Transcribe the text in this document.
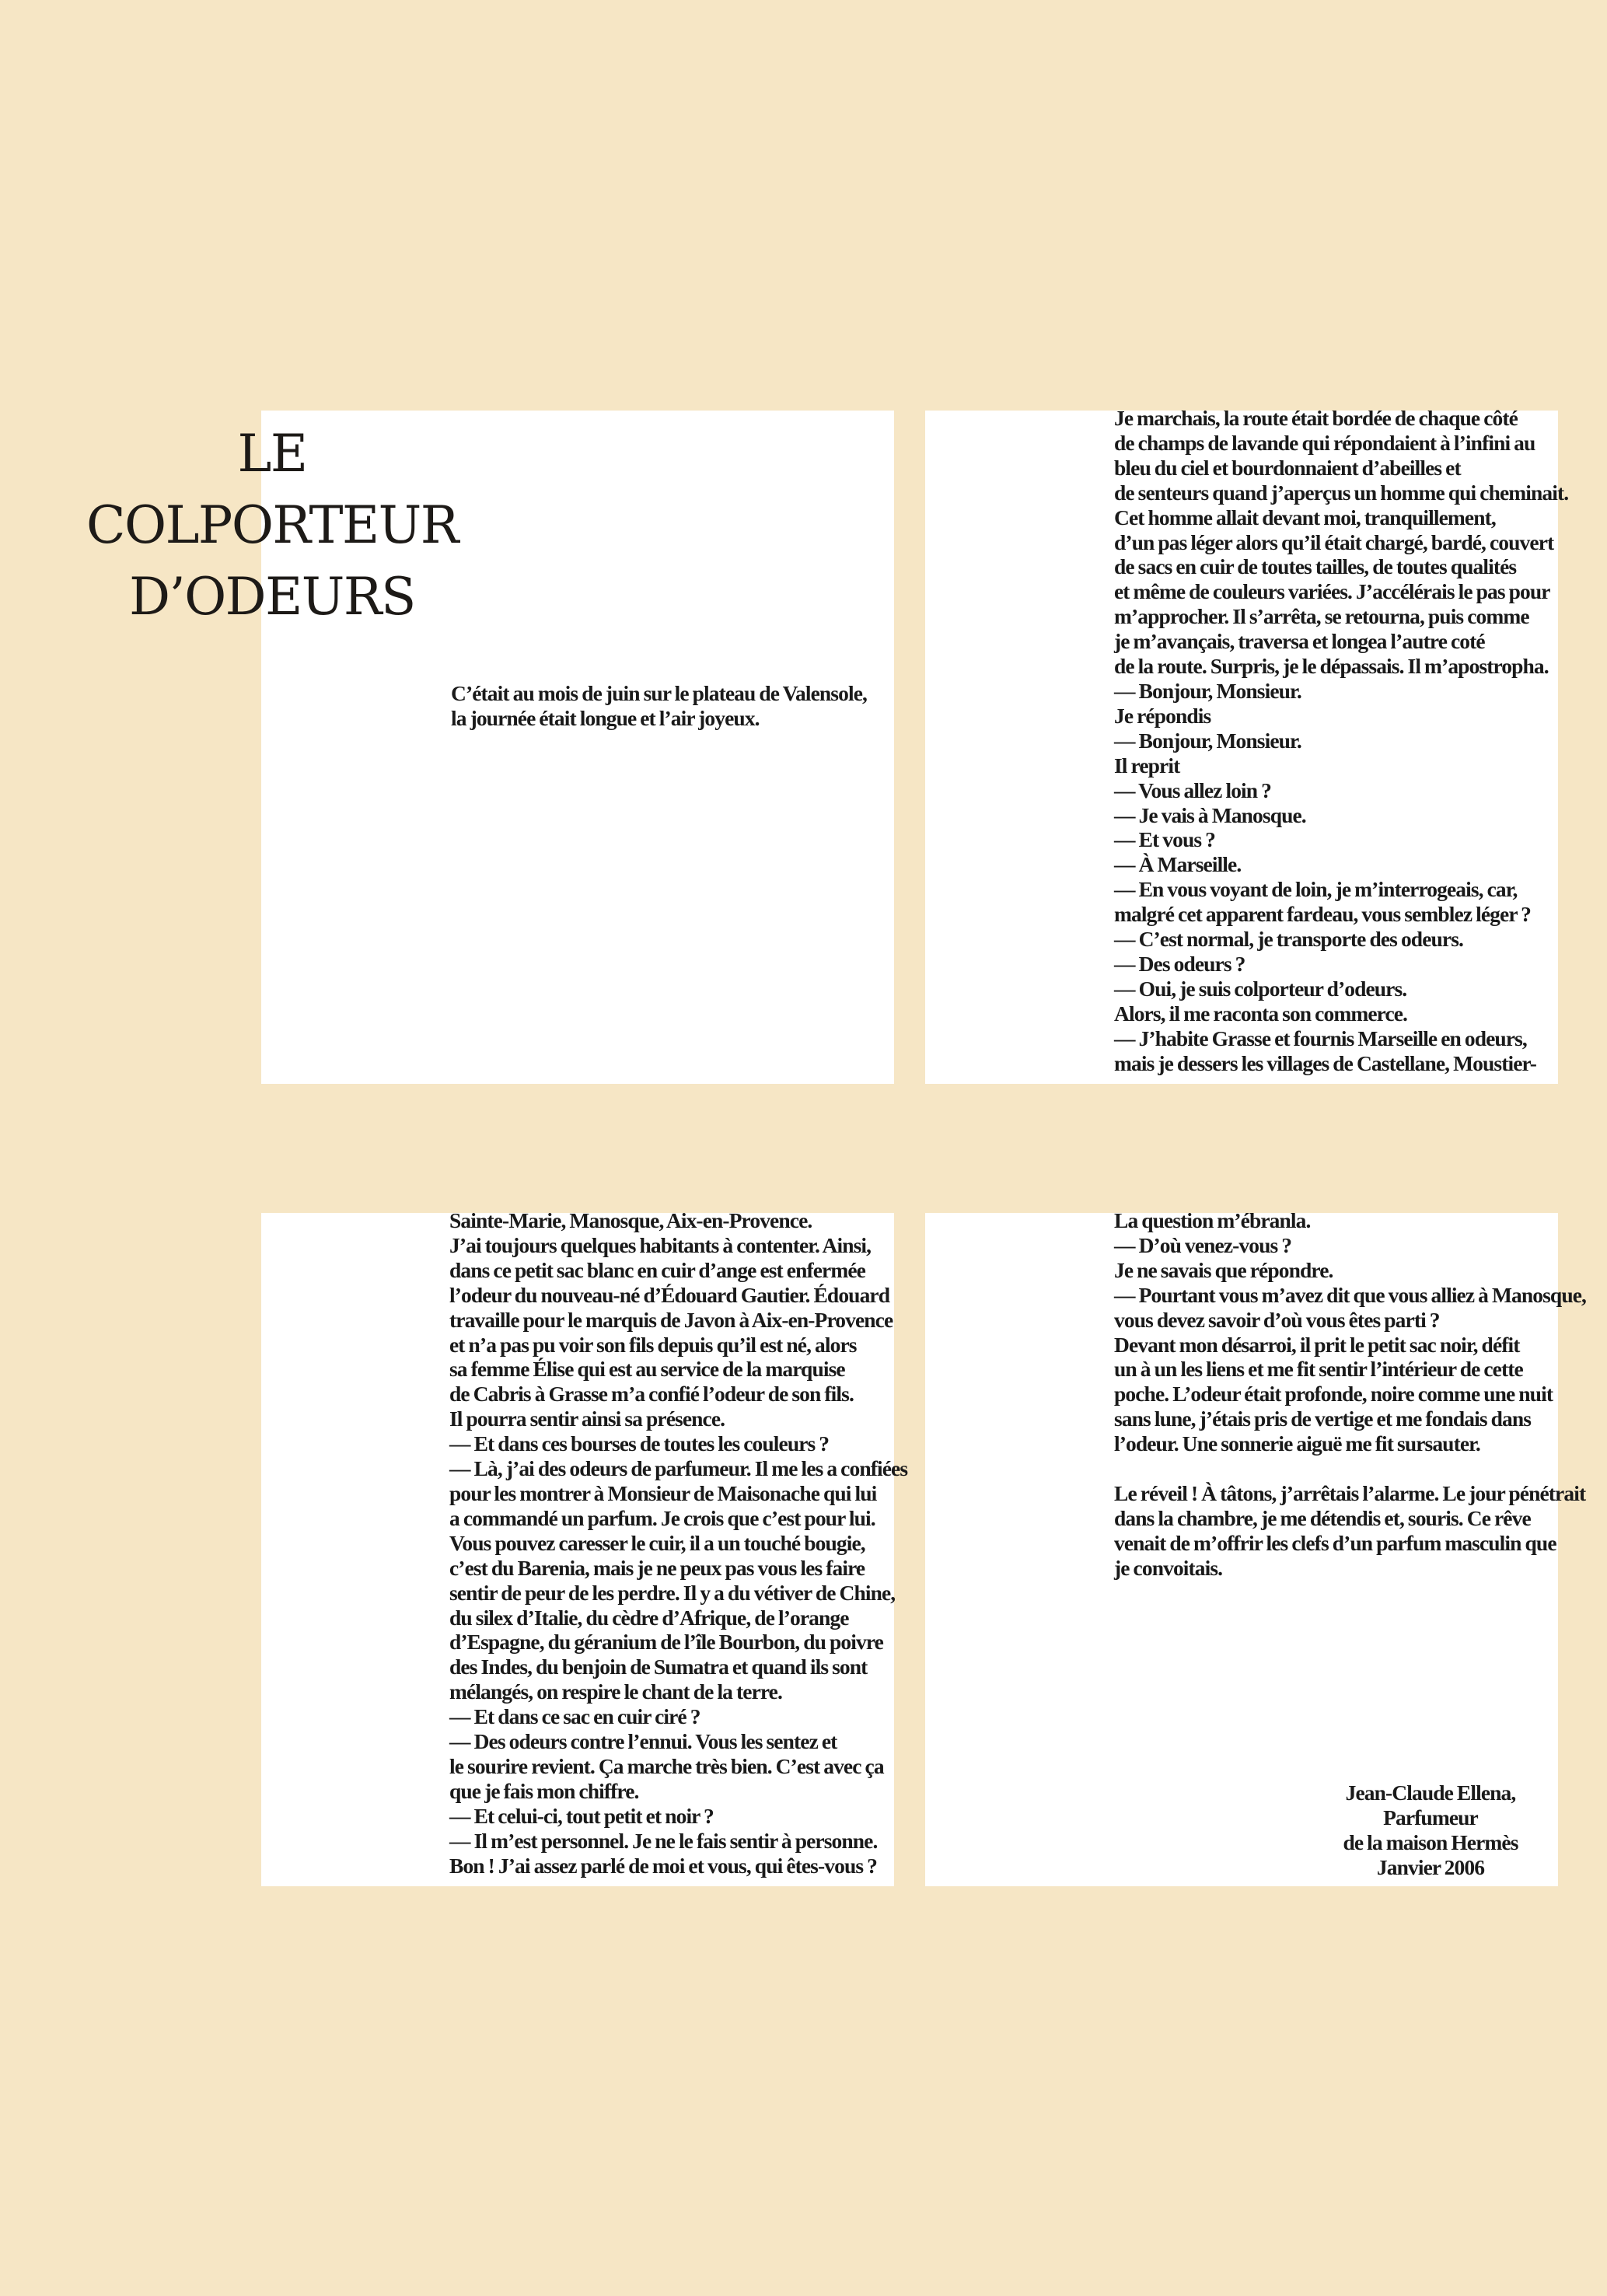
LE
COLPORTEUR
D’ODEURS
C’était au mois de juin sur le plateau de Valensole,
la journée était longue et l’air joyeux.
Je marchais, la route était bordée de chaque côté
de champs de lavande qui répondaient à l’infini au
bleu du ciel et bourdonnaient d’abeilles et
de senteurs quand j’aperçus un homme qui cheminait.
Cet homme allait devant moi, tranquillement,
d’un pas léger alors qu’il était chargé, bardé, couvert
de sacs en cuir de toutes tailles, de toutes qualités
et même de couleurs variées. J’accélérais le pas pour
m’approcher. Il s’arrêta, se retourna, puis comme
je m’avançais, traversa et longea l’autre coté
de la route. Surpris, je le dépassais. Il m’apostropha.
— Bonjour, Monsieur.
Je répondis
— Bonjour, Monsieur.
Il reprit
— Vous allez loin ?
— Je vais à Manosque.
— Et vous ?
— À Marseille.
— En vous voyant de loin, je m’interrogeais, car,
malgré cet apparent fardeau, vous semblez léger ?
— C’est normal, je transporte des odeurs.
— Des odeurs ?
— Oui, je suis colporteur d’odeurs.
Alors, il me raconta son commerce.
— J’habite Grasse et fournis Marseille en odeurs,
mais je dessers les villages de Castellane, Moustier-
Sainte-Marie, Manosque, Aix-en-Provence.
J’ai toujours quelques habitants à contenter. Ainsi,
dans ce petit sac blanc en cuir d’ange est enfermée
l’odeur du nouveau-né d’Édouard Gautier. Édouard
travaille pour le marquis de Javon à Aix-en-Provence
et n’a pas pu voir son fils depuis qu’il est né, alors
sa femme Élise qui est au service de la marquise
de Cabris à Grasse m’a confié l’odeur de son fils.
Il pourra sentir ainsi sa présence.
— Et dans ces bourses de toutes les couleurs ?
— Là, j’ai des odeurs de parfumeur. Il me les a confiées
pour les montrer à Monsieur de Maisonache qui lui
a commandé un parfum. Je crois que c’est pour lui.
Vous pouvez caresser le cuir, il a un touché bougie,
c’est du Barenia, mais je ne peux pas vous les faire
sentir de peur de les perdre. Il y a du vétiver de Chine,
du silex d’Italie, du cèdre d’Afrique, de l’orange
d’Espagne, du géranium de l’île Bourbon, du poivre
des Indes, du benjoin de Sumatra et quand ils sont
mélangés, on respire le chant de la terre.
— Et dans ce sac en cuir ciré ?
— Des odeurs contre l’ennui. Vous les sentez et
le sourire revient. Ça marche très bien. C’est avec ça
que je fais mon chiffre.
— Et celui-ci, tout petit et noir ?
— Il m’est personnel. Je ne le fais sentir à personne.
Bon ! J’ai assez parlé de moi et vous, qui êtes-vous ?
La question m’ébranla.
— D’où venez-vous ?
Je ne savais que répondre.
— Pourtant vous m’avez dit que vous alliez à Manosque,
vous devez savoir d’où vous êtes parti ?
Devant mon désarroi, il prit le petit sac noir, défit
un à un les liens et me fit sentir l’intérieur de cette
poche. L’odeur était profonde, noire comme une nuit
sans lune, j’étais pris de vertige et me fondais dans
l’odeur. Une sonnerie aiguë me fit sursauter.
Le réveil ! À tâtons, j’arrêtais l’alarme. Le jour pénétrait
dans la chambre, je me détendis et, souris. Ce rêve
venait de m’offrir les clefs d’un parfum masculin que
je convoitais.
Jean-Claude Ellena,
Parfumeur
de la maison Hermès
Janvier 2006
